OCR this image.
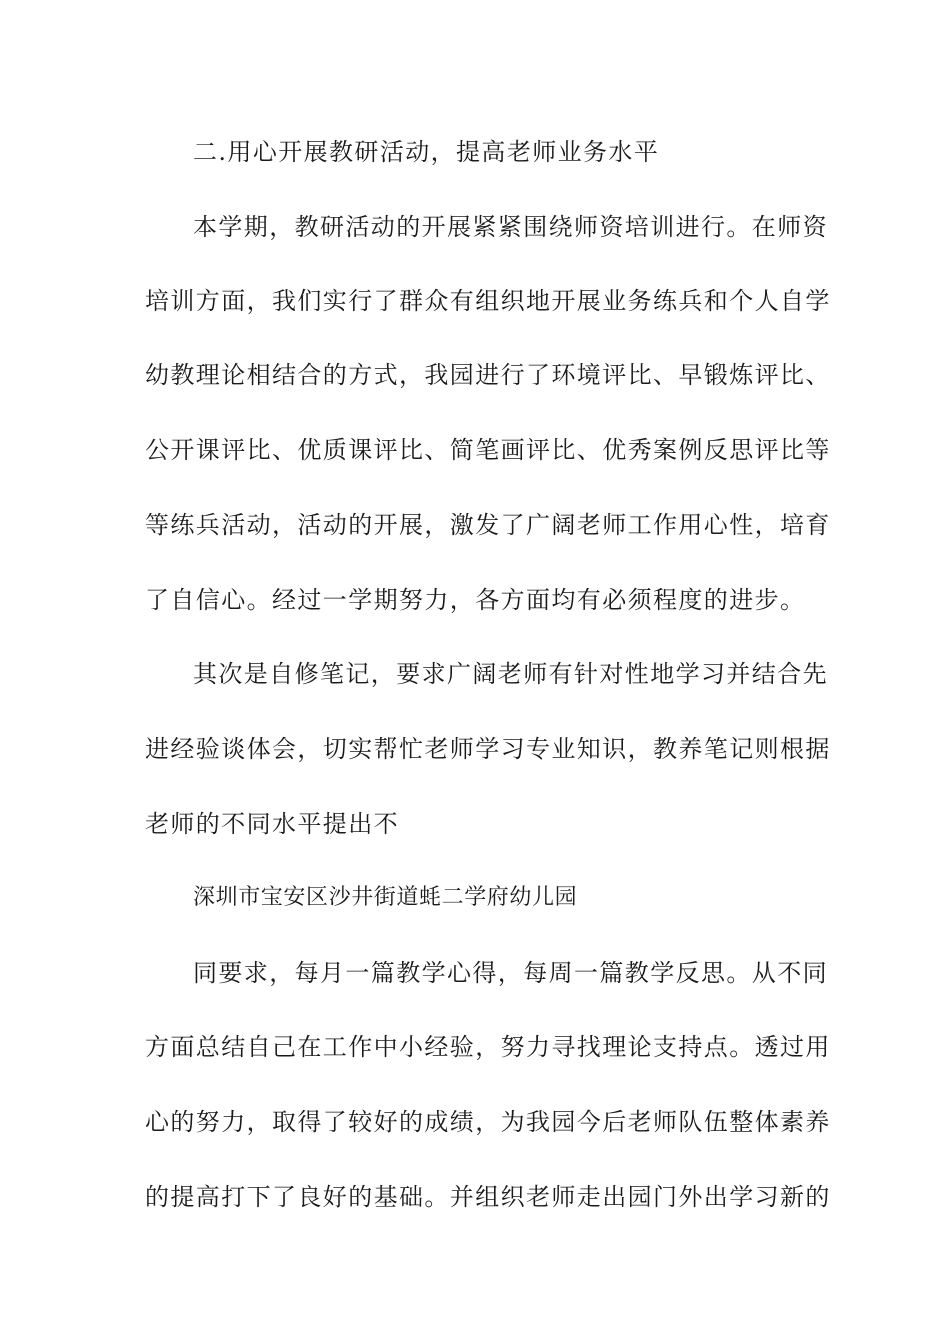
二.用心开展教研活动，提高老师业务水平
本学期，教研活动的开展紧紧围绕师资培训进行。在师资
培训方面，我们实行了群众有组织地开展业务练兵和个人自学
幼教理论相结合的方式，我园进行了环境评比、早锻炼评比、
公开课评比、优质课评比、简笔画评比、优秀案例反思评比等
等练兵活动，活动的开展，激发了广阔老师工作用心性，培育
了自信心。经过一学期努力，各方面均有必须程度的进步。
其次是自修笔记，要求广阔老师有针对性地学习并结合先
进经验谈体会，切实帮忙老师学习专业知识，教养笔记则根据
老师的不同水平提出不
深圳市宝安区沙井街道蚝二学府幼儿园
同要求，每月一篇教学心得，每周一篇教学反思。从不同
方面总结自己在工作中小经验，努力寻找理论支持点。透过用
心的努力，取得了较好的成绩，为我园今后老师队伍整体素养
的提高打下了良好的基础。并组织老师走出园门外出学习新的
